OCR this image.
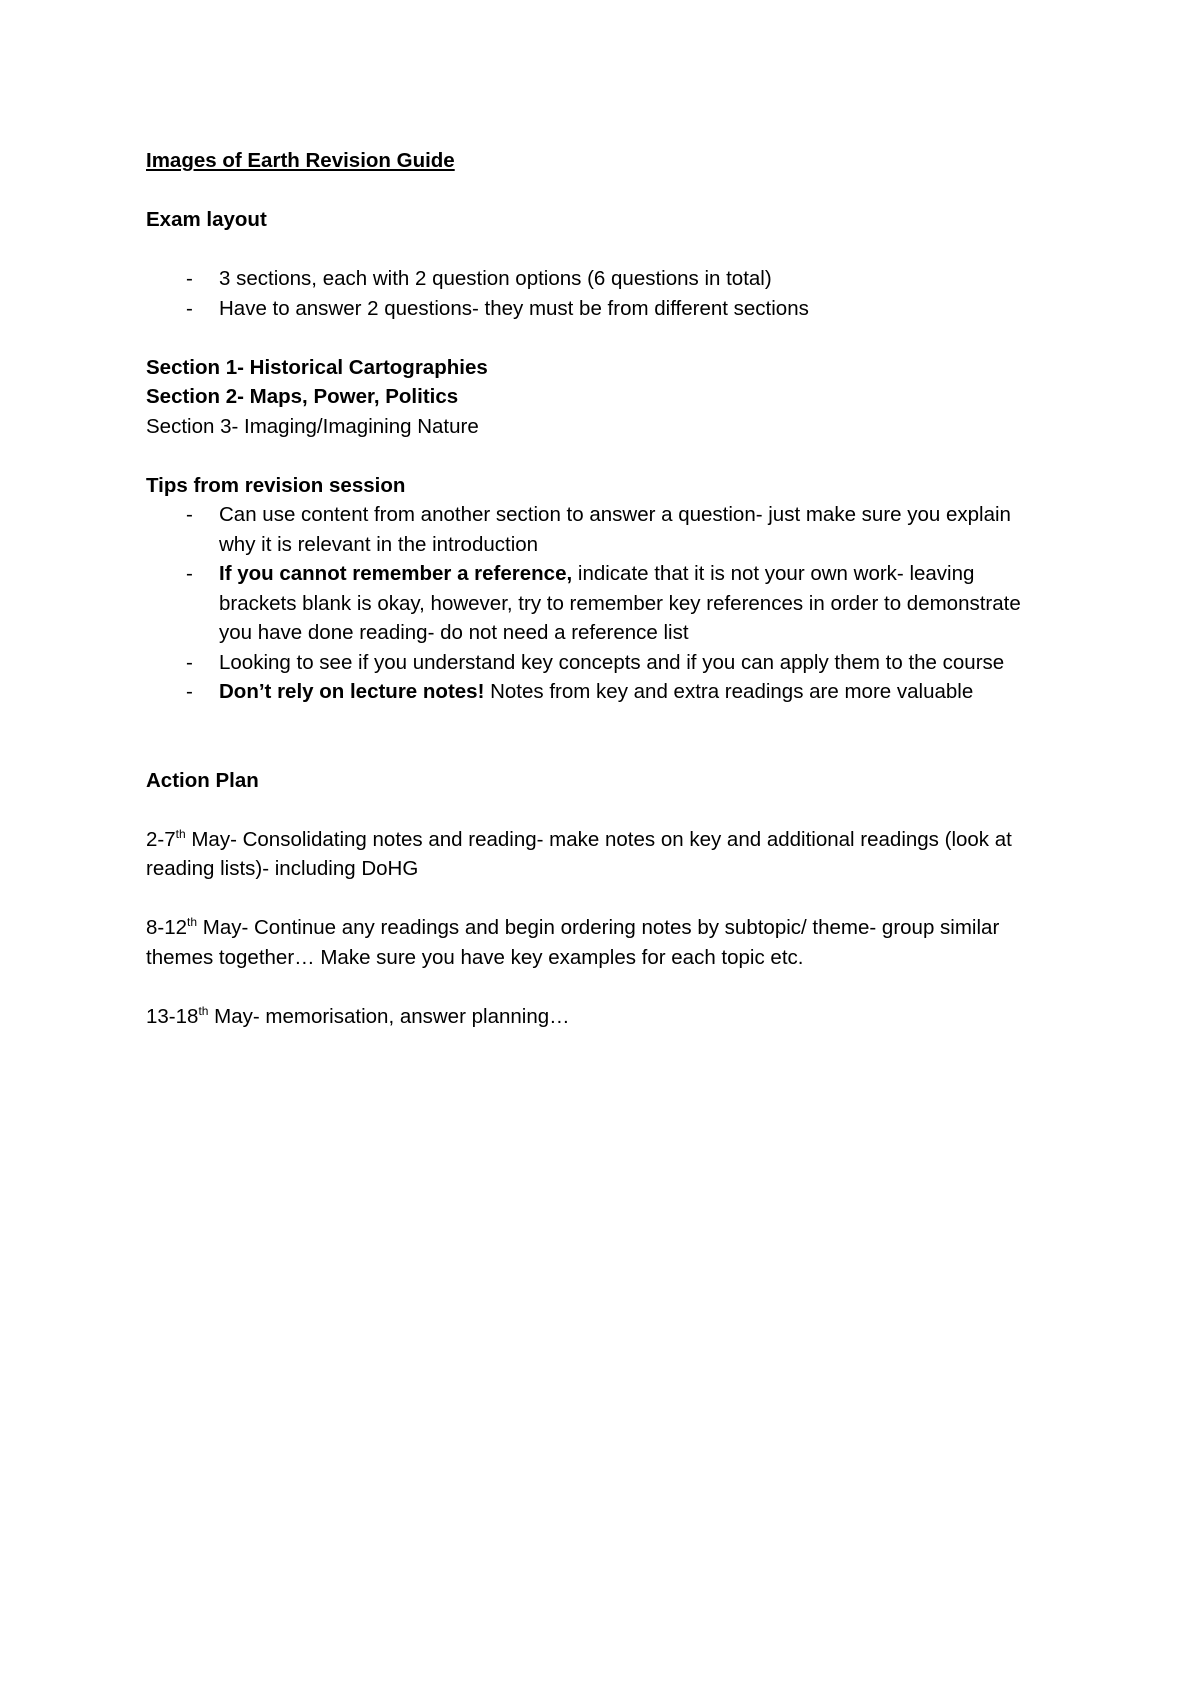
Images of Earth Revision Guide

Exam layout

- 3 sections, each with 2 question options (6 questions in total)
- Have to answer 2 questions- they must be from different sections

Section 1- Historical Cartographies

Section 2- Maps, Power, Politics

Section 3- Imaging/Imagining Nature

Tips from revision session

- Can use content from another section to answer a question- just make sure you explain why it is relevant in the introduction
- If you cannot remember a reference, indicate that it is not your own work- leaving brackets blank is okay, however, try to remember key references in order to demonstrate you have done reading- do not need a reference list
- Looking to see if you understand key concepts and if you can apply them to the course
- Don’t rely on lecture notes! Notes from key and extra readings are more valuable

Action Plan

2-7th May- Consolidating notes and reading- make notes on key and additional readings (look at reading lists)- including DoHG

8-12th May- Continue any readings and begin ordering notes by subtopic/ theme- group similar themes together… Make sure you have key examples for each topic etc.

13-18th May- memorisation, answer planning…
